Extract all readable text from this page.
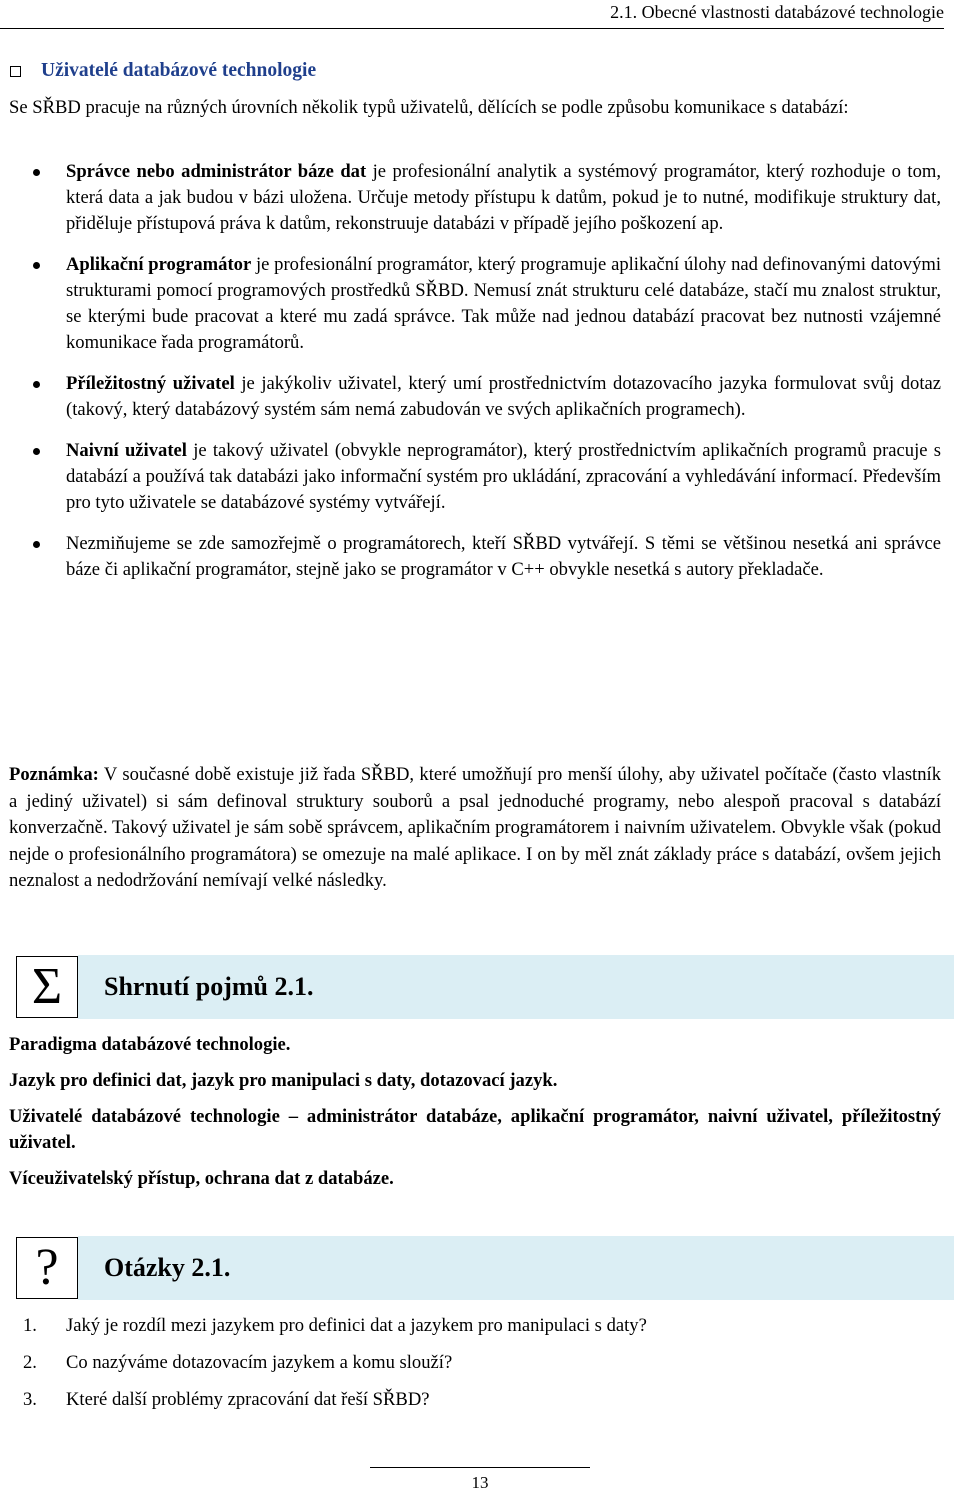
2.1. Obecné vlastnosti databázové technologie
Uživatelé databázové technologie

Se SŘBD pracuje na různých úrovních několik typů uživatelů, dělících se podle způsobu komunikace s databází:

Správce nebo administrátor báze dat je profesionální analytik a systémový programátor, který rozhoduje o tom, která data a jak budou v bázi uložena. Určuje metody přístupu k datům, pokud je to nutné, modifikuje struktury dat, přiděluje přístupová práva k datům, rekonstruuje databázi v případě jejího poškození ap.
Aplikační programátor je profesionální programátor, který programuje aplikační úlohy nad definovanými datovými strukturami pomocí programových prostředků SŘBD. Nemusí znát strukturu celé databáze, stačí mu znalost struktur, se kterými bude pracovat a které mu zadá správce. Tak může nad jednou databází pracovat bez nutnosti vzájemné komunikace řada programátorů.
Příležitostný uživatel je jakýkoliv uživatel, který umí prostřednictvím dotazovacího jazyka formulovat svůj dotaz (takový, který databázový systém sám nemá zabudován ve svých aplikačních programech).
Naivní uživatel je takový uživatel (obvykle neprogramátor), který prostřednictvím aplikačních programů pracuje s databází a používá tak databázi jako informační systém pro ukládání, zpracování a vyhledávání informací. Především pro tyto uživatele se databázové systémy vytvářejí.
Nezmiňujeme se zde samozřejmě o programátorech, kteří SŘBD vytvářejí. S těmi se většinou nesetká ani správce báze či aplikační programátor, stejně jako se programátor v C++ obvykle nesetká s autory překladače.

Poznámka: V současné době existuje již řada SŘBD, které umožňují pro menší úlohy, aby uživatel počítače (často vlastník a jediný uživatel) si sám definoval struktury souborů a psal jednoduché programy, nebo alespoň pracoval s databází konverzačně. Takový uživatel je sám sobě správcem, aplikačním programátorem i naivním uživatelem. Obvykle však (pokud nejde o profesionálního programátora) se omezuje na malé aplikace. I on by měl znát základy práce s databází, ovšem jejich neznalost a nedodržování nemívají velké následky.

Σ	Shrnutí pojmů 2.1.
Paradigma databázové technologie.
Jazyk pro definici dat, jazyk pro manipulaci s daty, dotazovací jazyk.
Uživatelé databázové technologie – administrátor databáze, aplikační programátor, naivní uživatel, příležitostný uživatel.
Víceuživatelský přístup, ochrana dat z databáze.
?	Otázky 2.1.
1.	Jaký je rozdíl mezi jazykem pro definici dat a jazykem pro manipulaci s daty?
2.	Co nazýváme dotazovacím jazykem a komu slouží?
3.	Které další problémy zpracování dat řeší SŘBD?
13
